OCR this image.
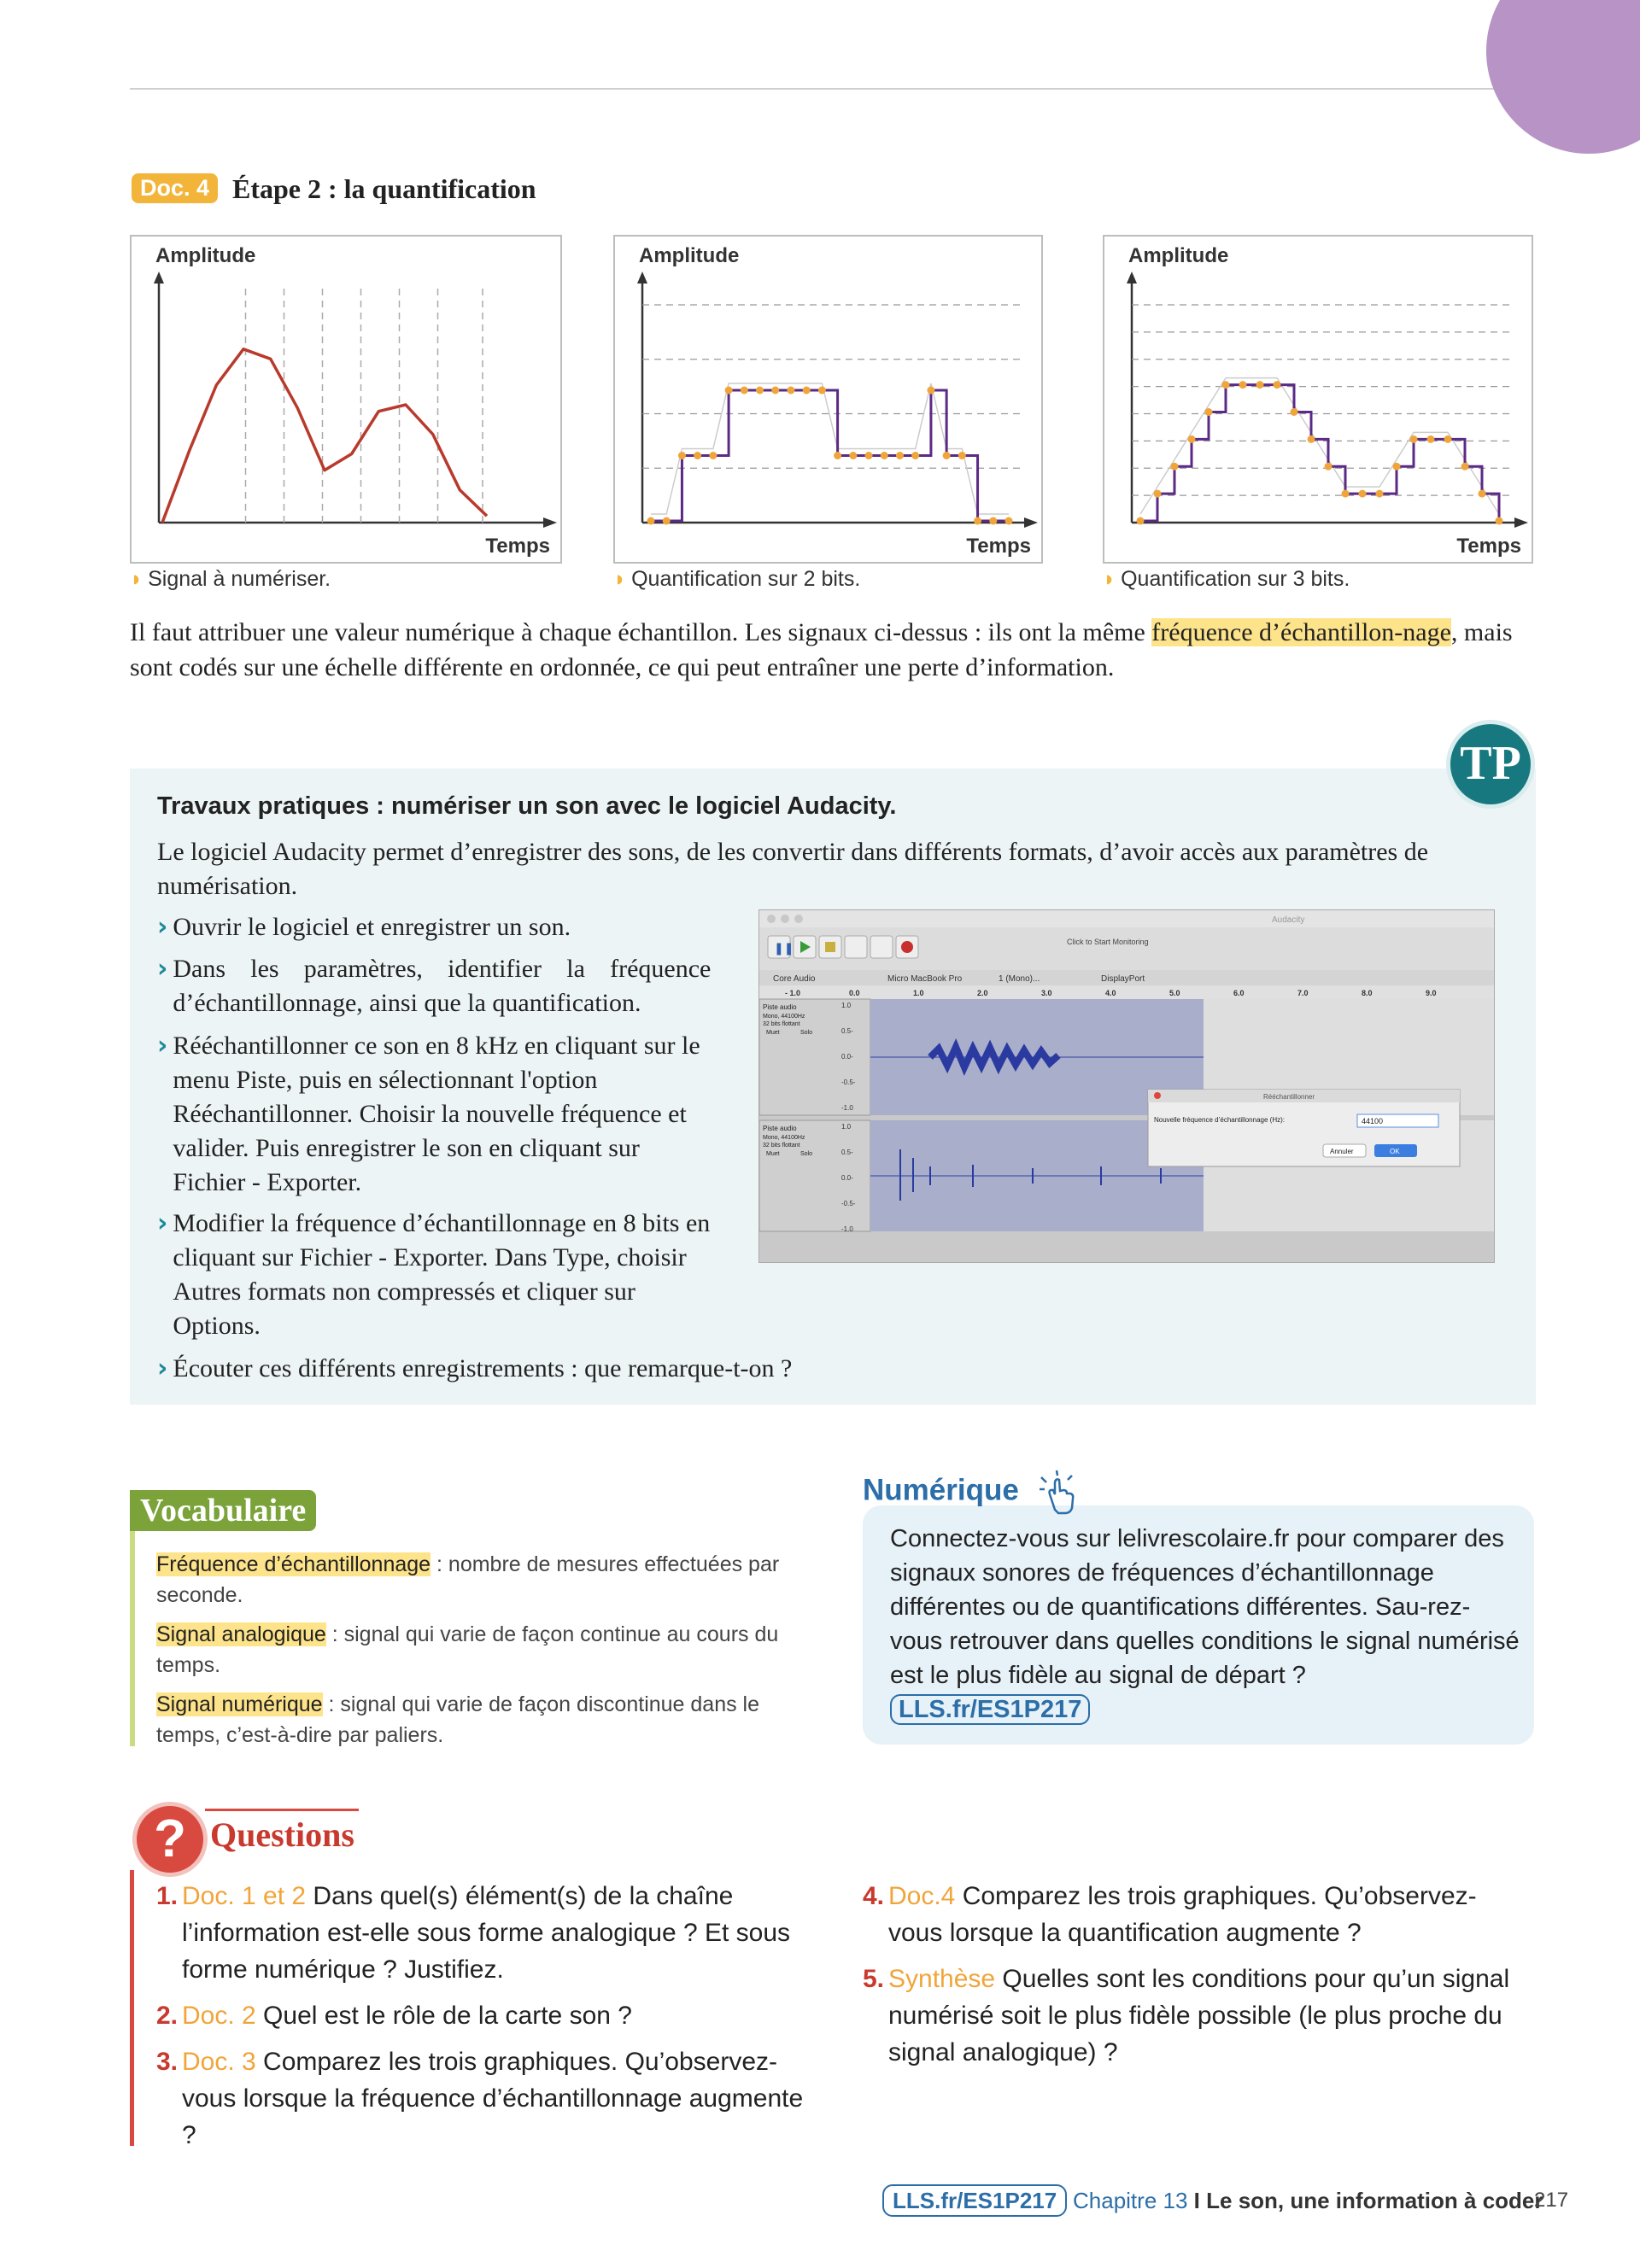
Doc. 4 Étape 2 : la quantification
Amplitude
Temps
Amplitude
Temps
Amplitude
Temps
◗ Signal à numériser.	◗ Quantification sur 2 bits.	◗ Quantification sur 3 bits.
Il faut attribuer une valeur numérique à chaque échantillon. Les signaux ci-dessus : ils ont la même fréquence d’échantillon-nage, mais sont codés sur une échelle différente en ordonnée, ce qui peut entraîner une perte d’information.
TP
Travaux pratiques : numériser un son avec le logiciel Audacity.
Le logiciel Audacity permet d’enregistrer des sons, de les convertir dans différents formats, d’avoir accès aux paramètres de numérisation.
› Ouvrir le logiciel et enregistrer un son.
› Dans les paramètres, identifier la fréquence d’échantillonnage, ainsi que la quantification.
› Rééchantillonner ce son en 8 kHz en cliquant sur le menu Piste, puis en sélectionnant l'option Rééchantillonner. Choisir la nouvelle fréquence et valider. Puis enregistrer le son en cliquant sur Fichier - Exporter.
› Modifier la fréquence d’échantillonnage en 8 bits en cliquant sur Fichier - Exporter. Dans Type, choisir Autres formats non compressés et cliquer sur Options.
› Écouter ces différents enregistrements : que remarque-t-on ?
Audacity
❚❚	Click to Start Monitoring
Core Audio	Micro MacBook Pro	1 (Mono)...	DisplayPort
- 1.0	0.0	1.0	2.0	3.0	4.0	5.0	6.0	7.0	8.0	9.0
Piste audio
Mono, 44100Hz
32 bits flottant
Muet	Solo
Piste audio
Mono, 44100Hz
32 bits flottant
Muet	Solo
Rééchantillonner
Nouvelle fréquence d’échantillonnage (Hz):	44100
Annuler	OK
1.0
0.5-
0.0-
-0.5-
-1.0
1.0
0.5-
0.0-
-0.5-
-1.0
Vocabulaire
Fréquence d’échantillonnage : nombre de mesures effectuées par seconde.
Signal analogique : signal qui varie de façon continue au cours du temps.
Signal numérique : signal qui varie de façon discontinue dans le temps, c’est-à-dire par paliers.
Numérique
Connectez-vous sur lelivrescolaire.fr pour comparer des signaux sonores de fréquences d’échantillonnage différentes ou de quantifications différentes. Sau-rez-vous retrouver dans quelles conditions le signal numérisé est le plus fidèle au signal de départ ?
LLS.fr/ES1P217
? Questions
1. Doc. 1 et 2 Dans quel(s) élément(s) de la chaîne l’information est-elle sous forme analogique ? Et sous forme numérique ? Justifiez.
2. Doc. 2 Quel est le rôle de la carte son ?
3. Doc. 3 Comparez les trois graphiques. Qu’observez-vous lorsque la fréquence d’échantillonnage augmente ?
4. Doc.4 Comparez les trois graphiques. Qu’observez-vous lorsque la quantification augmente ?
5. Synthèse Quelles sont les conditions pour qu’un signal numérisé soit le plus fidèle possible (le plus proche du signal analogique) ?
LLS.fr/ES1P217 Chapitre 13 I Le son, une information à coder
217
